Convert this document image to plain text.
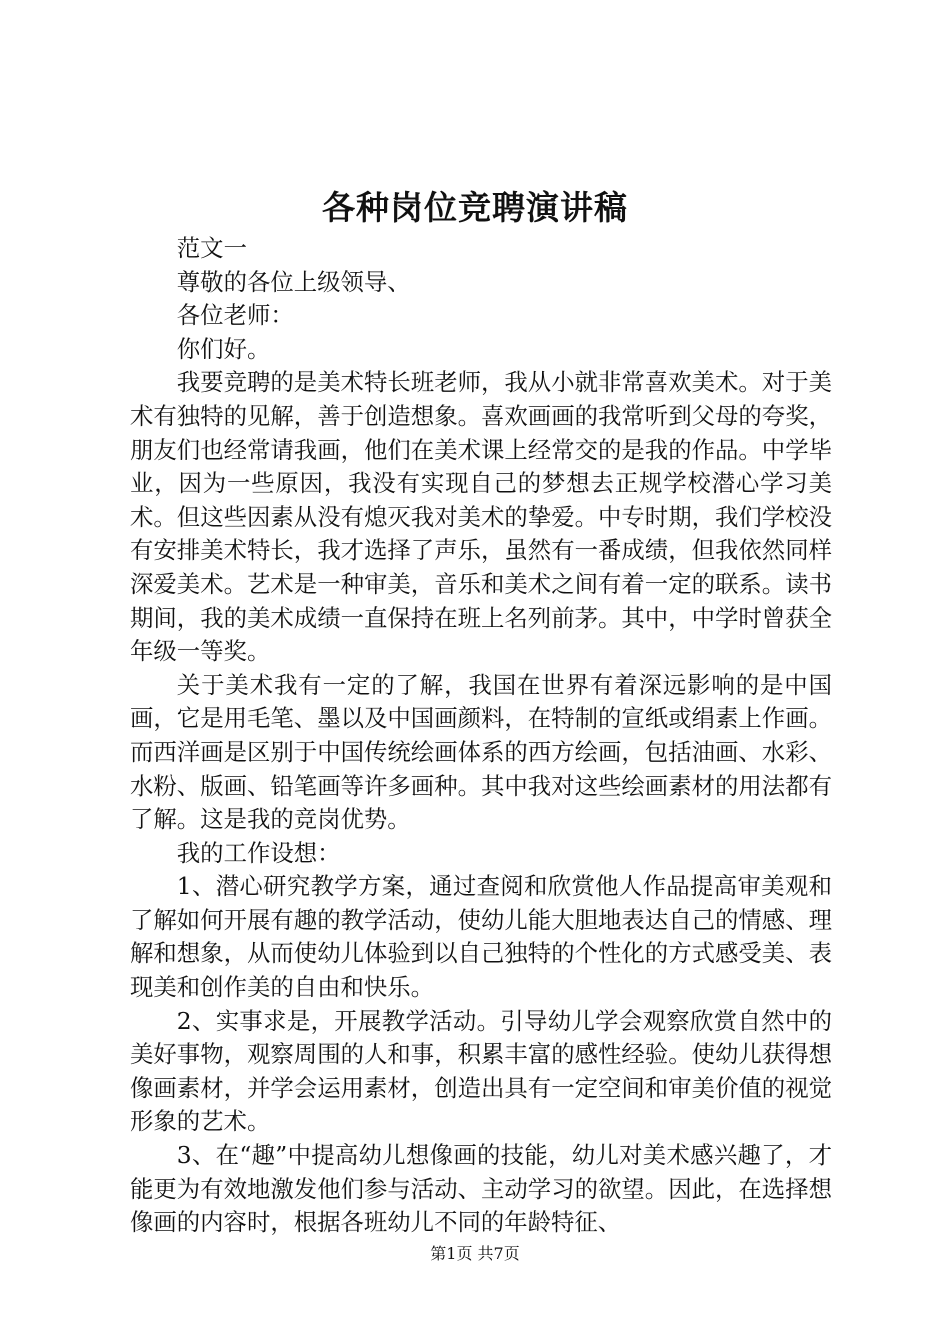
各种岗位竞聘演讲稿

范文一

尊敬的各位上级领导、

各位老师：

你们好。

我要竞聘的是美术特长班老师，我从小就非常喜欢美术。对于美术有独特的见解，善于创造想象。喜欢画画的我常听到父母的夸奖，朋友们也经常请我画，他们在美术课上经常交的是我的作品。中学毕业，因为一些原因，我没有实现自己的梦想去正规学校潜心学习美术。但这些因素从没有熄灭我对美术的挚爱。中专时期，我们学校没有安排美术特长，我才选择了声乐，虽然有一番成绩，但我依然同样深爱美术。艺术是一种审美，音乐和美术之间有着一定的联系。读书期间，我的美术成绩一直保持在班上名列前茅。其中，中学时曾获全年级一等奖。

关于美术我有一定的了解，我国在世界有着深远影响的是中国画，它是用毛笔、墨以及中国画颜料，在特制的宣纸或绢素上作画。而西洋画是区别于中国传统绘画体系的西方绘画，包括油画、水彩、水粉、版画、铅笔画等许多画种。其中我对这些绘画素材的用法都有了解。这是我的竞岗优势。

我的工作设想：

1、潜心研究教学方案，通过查阅和欣赏他人作品提高审美观和了解如何开展有趣的教学活动，使幼儿能大胆地表达自己的情感、理解和想象，从而使幼儿体验到以自己独特的个性化的方式感受美、表现美和创作美的自由和快乐。

2、实事求是，开展教学活动。引导幼儿学会观察欣赏自然中的美好事物，观察周围的人和事，积累丰富的感性经验。使幼儿获得想像画素材，并学会运用素材，创造出具有一定空间和审美价值的视觉形象的艺术。

3、在“趣”中提高幼儿想像画的技能，幼儿对美术感兴趣了，才能更为有效地激发他们参与活动、主动学习的欲望。因此，在选择想像画的内容时，根据各班幼儿不同的年龄特征、

第1页 共7页
